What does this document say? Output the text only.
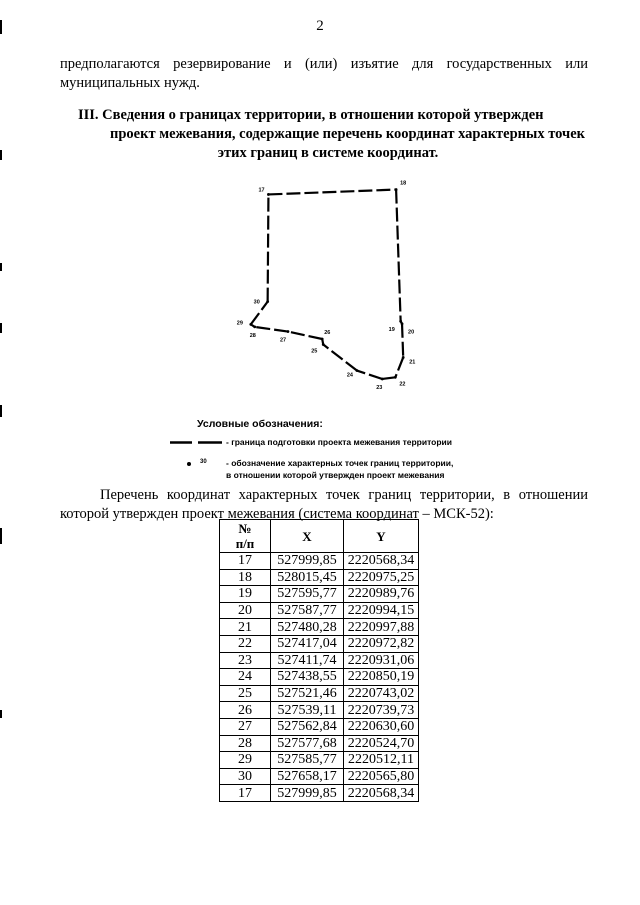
2
предполагаются резервирование и (или) изъятие для государственных или
муниципальных нужд.
III. Сведения о границах территории, в отношении которой утвержден
проект межевания, содержащие перечень координат характерных точек
этих границ в системе координат.
17
18
19 20
21
22
23
24
25
26
27
28
29
30
Условные обозначения:
- граница подготовки проекта межевания территории
30 - обозначение характерных точек границ территории,
в отношении которой утвержден проект межевания
Перечень координат характерных точек границ территории, в отношении
которой утвержден проект межевания (система координат – МСК-52):
№
п/п	X	Y
17	527999,85	2220568,34
18	528015,45	2220975,25
19	527595,77	2220989,76
20	527587,77	2220994,15
21	527480,28	2220997,88
22	527417,04	2220972,82
23	527411,74	2220931,06
24	527438,55	2220850,19
25	527521,46	2220743,02
26	527539,11	2220739,73
27	527562,84	2220630,60
28	527577,68	2220524,70
29	527585,77	2220512,11
30	527658,17	2220565,80
17	527999,85	2220568,34
